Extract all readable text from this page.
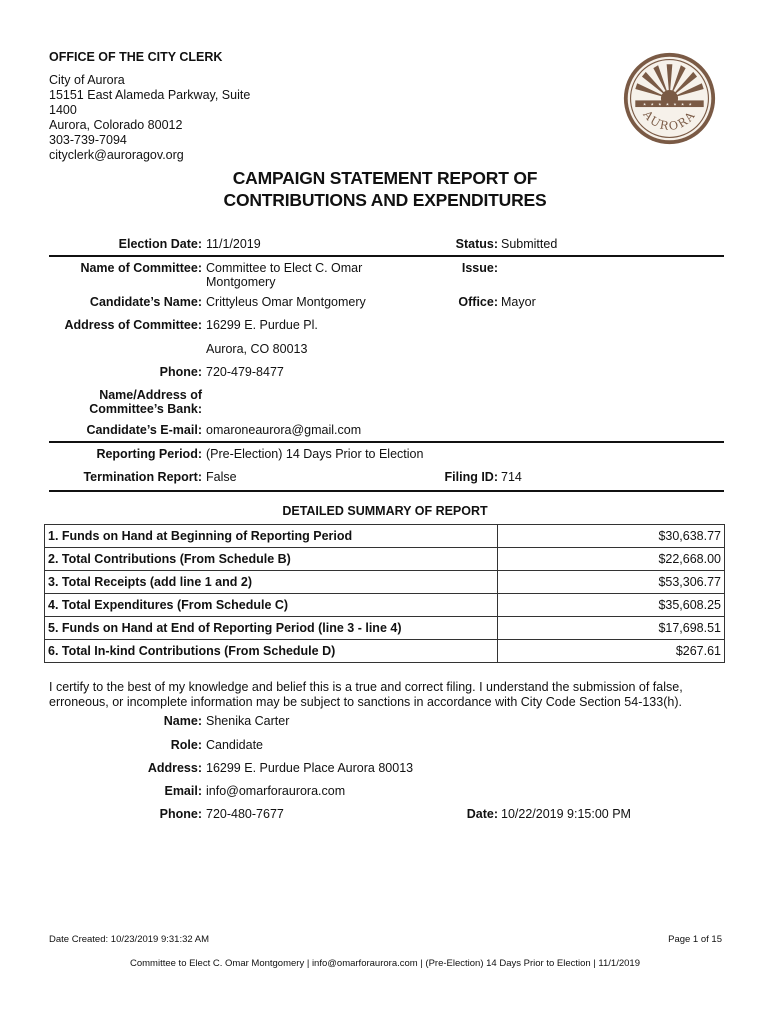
OFFICE OF THE CITY CLERK
City of Aurora
15151 East Alameda Parkway, Suite
1400
Aurora, Colorado 80012
303-739-7094
cityclerk@auroragov.org
★ ★ ★ ★ ★ ★ ★
AURORA
CAMPAIGN STATEMENT REPORT OF
CONTRIBUTIONS AND EXPENDITURES
Election Date: 11/1/2019	Status: Submitted
Name of Committee: Committee to Elect C. Omar
Montgomery
Issue:
Candidate’s Name: Crittyleus Omar Montgomery	Office: Mayor
Address of Committee: 16299 E. Purdue Pl.
Aurora, CO 80013
Phone: 720-479-8477
Name/Address of
Committee’s Bank:
Candidate’s E-mail: omaroneaurora@gmail.com
Reporting Period: (Pre-Election) 14 Days Prior to Election
Termination Report: False	Filing ID: 714
DETAILED SUMMARY OF REPORT
1. Funds on Hand at Beginning of Reporting Period	$30,638.77
2. Total Contributions (From Schedule B)	$22,668.00
3. Total Receipts (add line 1 and 2)	$53,306.77
4. Total Expenditures (From Schedule C)	$35,608.25
5. Funds on Hand at End of Reporting Period (line 3 - line 4)	$17,698.51
6. Total In-kind Contributions (From Schedule D)	$267.61
I certify to the best of my knowledge and belief this is a true and correct filing. I understand the submission of false, erroneous, or incomplete information may be subject to sanctions in accordance with City Code Section 54-133(h).
Name: Shenika Carter
Role: Candidate
Address: 16299 E. Purdue Place Aurora 80013
Email: info@omarforaurora.com
Phone: 720-480-7677	Date: 10/22/2019 9:15:00 PM
Date Created: 10/23/2019 9:31:32 AM	Page 1 of 15
Committee to Elect C. Omar Montgomery | info@omarforaurora.com | (Pre-Election) 14 Days Prior to Election | 11/1/2019
